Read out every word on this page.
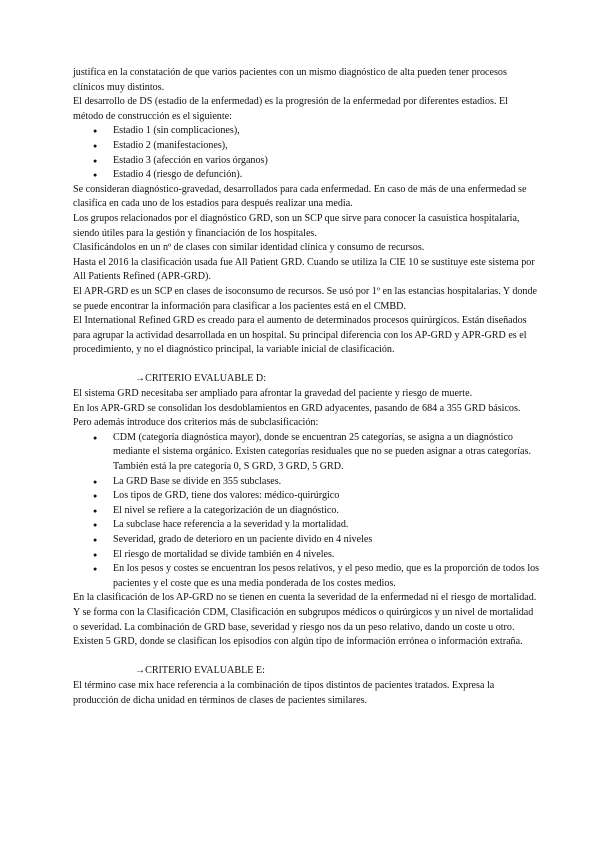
justifica en la constatación de que varios pacientes con un mismo diagnóstico de alta pueden tener procesos clínicos muy distintos.

El desarrollo de DS (estadio de la enfermedad) es la progresión de la enfermedad por diferentes estadios. El método de construcción es el siguiente:

● Estadio 1 (sin complicaciones),
● Estadio 2 (manifestaciones),
● Estadio 3 (afección en varios órganos)
● Estadio 4 (riesgo de defunción).

Se consideran diagnóstico-gravedad, desarrollados para cada enfermedad. En caso de más de una enfermedad se clasifica en cada uno de los estadios para después realizar una media.

Los grupos relacionados por el diagnóstico GRD, son un SCP que sirve para conocer la casuística hospitalaria, siendo útiles para la gestión y financiación de los hospitales.

Clasificándolos en un nº de clases con similar identidad clínica y consumo de recursos.

Hasta el 2016 la clasificación usada fue All Patient GRD. Cuando se utiliza la CIE 10 se sustituye este sistema por All Patients Refined (APR-GRD).

El APR-GRD es un SCP en clases de isoconsumo de recursos. Se usó por 1º en las estancias hospitalarias. Y donde se puede encontrar la información para clasificar a los pacientes está en el CMBD.

El International Refined GRD es creado para el aumento de determinados procesos quirúrgicos. Están diseñados para agrupar la actividad desarrollada en un hospital. Su principal diferencia con los AP-GRD y APR-GRD es el procedimiento, y no el diagnóstico principal, la variable inicial de clasificación.

→CRITERIO EVALUABLE D:

El sistema GRD necesitaba ser ampliado para afrontar la gravedad del paciente y riesgo de muerte.

En los APR-GRD se consolidan los desdoblamientos en GRD adyacentes, pasando de 684 a 355 GRD básicos. Pero además introduce dos criterios más de subclasificación:

● CDM (categoría diagnóstica mayor), donde se encuentran 25 categorías, se asigna a un diagnóstico mediante el sistema orgánico. Existen categorías residuales que no se pueden asignar a otras categorías. También está la pre categoría 0, S GRD, 3 GRD, 5 GRD.
● La GRD Base se divide en 355 subclases.
● Los tipos de GRD, tiene dos valores: médico-quirúrgico
● El nivel se refiere a la categorización de un diagnóstico.
● La subclase hace referencia a la severidad y la mortalidad.
● Severidad, grado de deterioro en un paciente divido en 4 niveles
● El riesgo de mortalidad se divide también en 4 niveles.
● En los pesos y costes se encuentran los pesos relativos, y el peso medio, que es la proporción de todos los pacientes y el coste que es una media ponderada de los costes medios.

En la clasificación de los AP-GRD no se tienen en cuenta la severidad de la enfermedad ni el riesgo de mortalidad. Y se forma con la Clasificación CDM, Clasificación en subgrupos médicos o quirúrgicos y un nivel de mortalidad o severidad. La combinación de GRD base, severidad y riesgo nos da un peso relativo, dando un coste u otro.

Existen 5 GRD, donde se clasifican los episodios con algún tipo de información errónea o información extraña.

→CRITERIO EVALUABLE E:

El término case mix hace referencia a la combinación de tipos distintos de pacientes tratados. Expresa la producción de dicha unidad en términos de clases de pacientes similares.
